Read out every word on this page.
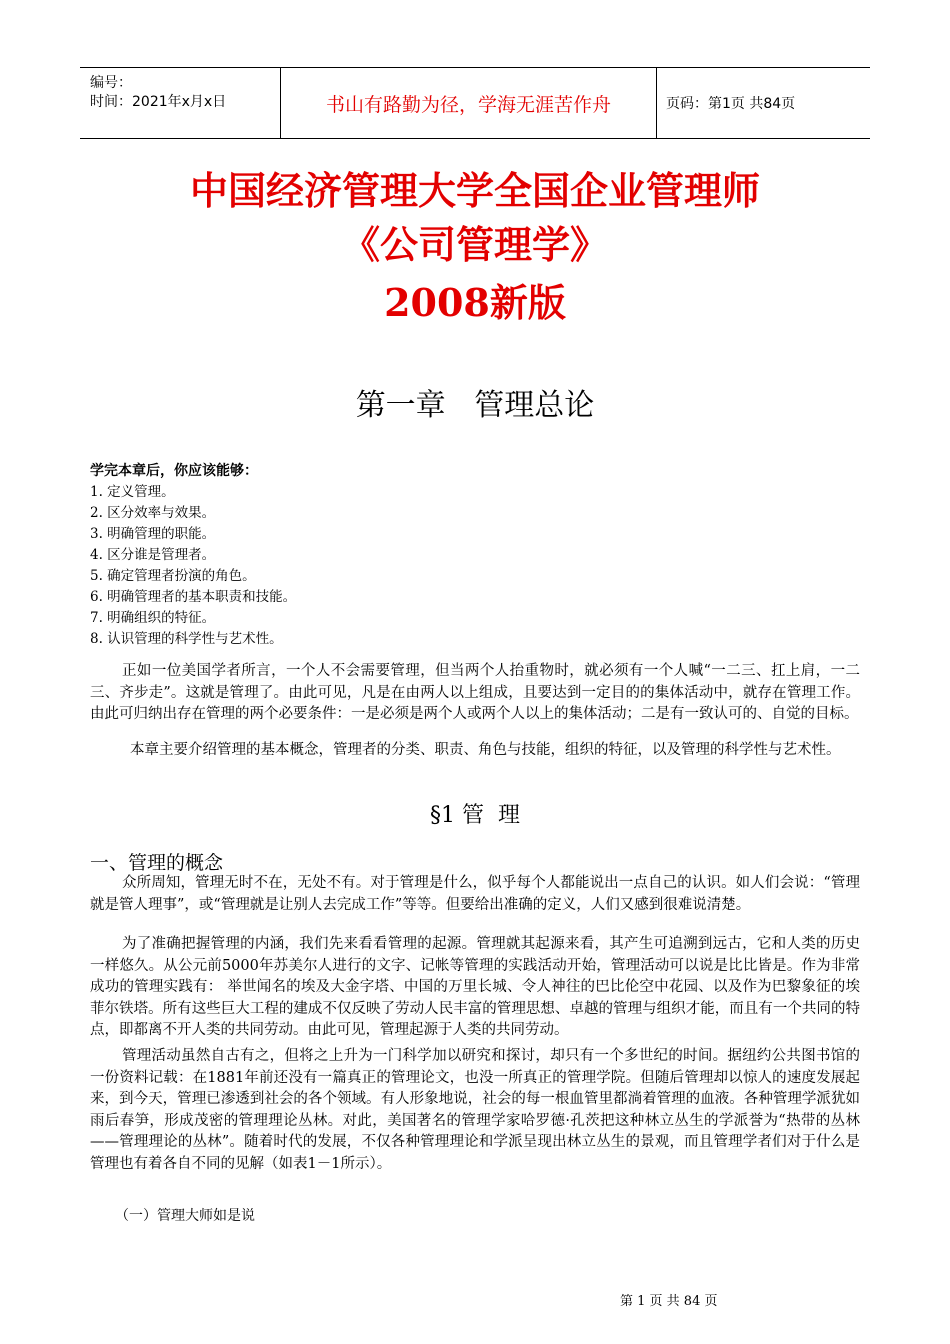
编号：
时间：2021年x月x日	书山有路勤为径，学海无涯苦作舟	页码：第1页 共84页
中国经济管理大学全国企业管理师
《公司管理学》
2008新版
第一章   管理总论
学完本章后，你应该能够：
1. 定义管理。
2. 区分效率与效果。
3. 明确管理的职能。
4. 区分谁是管理者。
5. 确定管理者扮演的角色。
6. 明确管理者的基本职责和技能。
7. 明确组织的特征。
8. 认识管理的科学性与艺术性。

正如一位美国学者所言，一个人不会需要管理，但当两个人抬重物时，就必须有一个人喊“一二三、扛上肩，一二三、齐步走”。这就是管理了。由此可见，凡是在由两人以上组成，且要达到一定目的的集体活动中，就存在管理工作。由此可归纳出存在管理的两个必要条件：一是必须是两个人或两个人以上的集体活动；二是有一致认可的、自觉的目标。

本章主要介绍管理的基本概念，管理者的分类、职责、角色与技能，组织的特征，以及管理的科学性与艺术性。

§1 管  理
一、管理的概念

众所周知，管理无时不在，无处不有。对于管理是什么，似乎每个人都能说出一点自己的认识。如人们会说：“管理就是管人理事”，或“管理就是让别人去完成工作”等等。但要给出准确的定义，人们又感到很难说清楚。

为了准确把握管理的内涵，我们先来看看管理的起源。管理就其起源来看，其产生可追溯到远古，它和人类的历史一样悠久。从公元前5000年苏美尔人进行的文字、记帐等管理的实践活动开始，管理活动可以说是比比皆是。作为非常成功的管理实践有： 举世闻名的埃及大金字塔、中国的万里长城、令人神往的巴比伦空中花园、以及作为巴黎象征的埃菲尔铁塔。所有这些巨大工程的建成不仅反映了劳动人民丰富的管理思想、卓越的管理与组织才能，而且有一个共同的特点，即都离不开人类的共同劳动。由此可见，管理起源于人类的共同劳动。

管理活动虽然自古有之，但将之上升为一门科学加以研究和探讨，却只有一个多世纪的时间。据纽约公共图书馆的一份资料记载：在1881年前还没有一篇真正的管理论文，也没一所真正的管理学院。但随后管理却以惊人的速度发展起来，到今天，管理已渗透到社会的各个领域。有人形象地说，社会的每一根血管里都淌着管理的血液。各种管理学派犹如雨后春笋，形成茂密的管理理论丛林。对此，美国著名的管理学家哈罗德·孔茨把这种林立丛生的学派誉为“热带的丛林——管理理论的丛林”。随着时代的发展，不仅各种管理理论和学派呈现出林立丛生的景观，而且管理学者们对于什么是管理也有着各自不同的见解（如表1－1所示）。

（一）管理大师如是说
第 1 页 共 84 页
